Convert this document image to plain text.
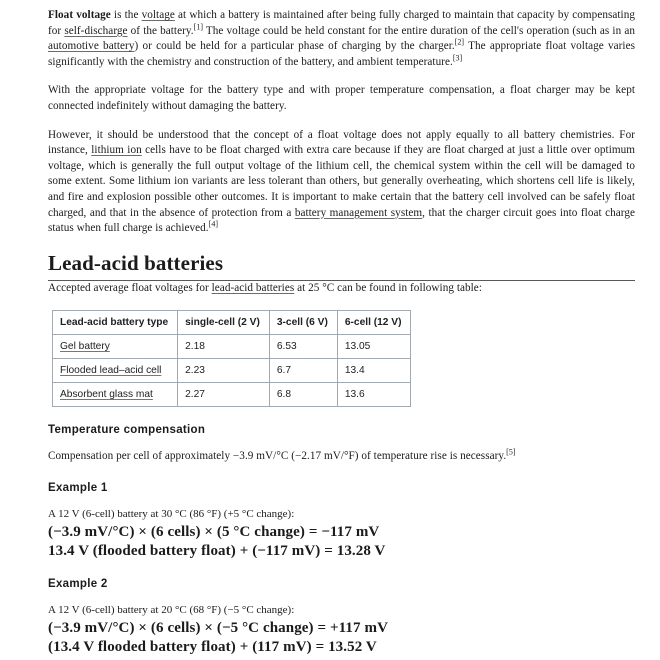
Float voltage is the voltage at which a battery is maintained after being fully charged to maintain that capacity by compensating for self-discharge of the battery.[1] The voltage could be held constant for the entire duration of the cell's operation (such as in an automotive battery) or could be held for a particular phase of charging by the charger.[2] The appropriate float voltage varies significantly with the chemistry and construction of the battery, and ambient temperature.[3]

With the appropriate voltage for the battery type and with proper temperature compensation, a float charger may be kept connected indefinitely without damaging the battery.

However, it should be understood that the concept of a float voltage does not apply equally to all battery chemistries. For instance, lithium ion cells have to be float charged with extra care because if they are float charged at just a little over optimum voltage, which is generally the full output voltage of the lithium cell, the chemical system within the cell will be damaged to some extent. Some lithium ion variants are less tolerant than others, but generally overheating, which shortens cell life is likely, and fire and explosion possible other outcomes. It is important to make certain that the battery cell involved can be safely float charged, and that in the absence of protection from a battery management system, that the charger circuit goes into float charge status when full charge is achieved.[4]

Lead-acid batteries

Accepted average float voltages for lead-acid batteries at 25 °C can be found in following table:

Lead-acid battery type	single-cell (2 V)	3-cell (6 V)	6-cell (12 V)
Gel battery	2.18	6.53	13.05
Flooded lead–acid cell	2.23	6.7	13.4
Absorbent glass mat	2.27	6.8	13.6
Temperature compensation

Compensation per cell of approximately −3.9 mV/°C (−2.17 mV/°F) of temperature rise is necessary.[5]

Example 1

A 12 V (6-cell) battery at 30 °C (86 °F) (+5 °C change):

(−3.9 mV/°C) × (6 cells) × (5 °C change) = −117 mV

13.4 V (flooded battery float) + (−117 mV) = 13.28 V

Example 2

A 12 V (6-cell) battery at 20 °C (68 °F) (−5 °C change):

(−3.9 mV/°C) × (6 cells) × (−5 °C change) = +117 mV

(13.4 V flooded battery float) + (117 mV) = 13.52 V
